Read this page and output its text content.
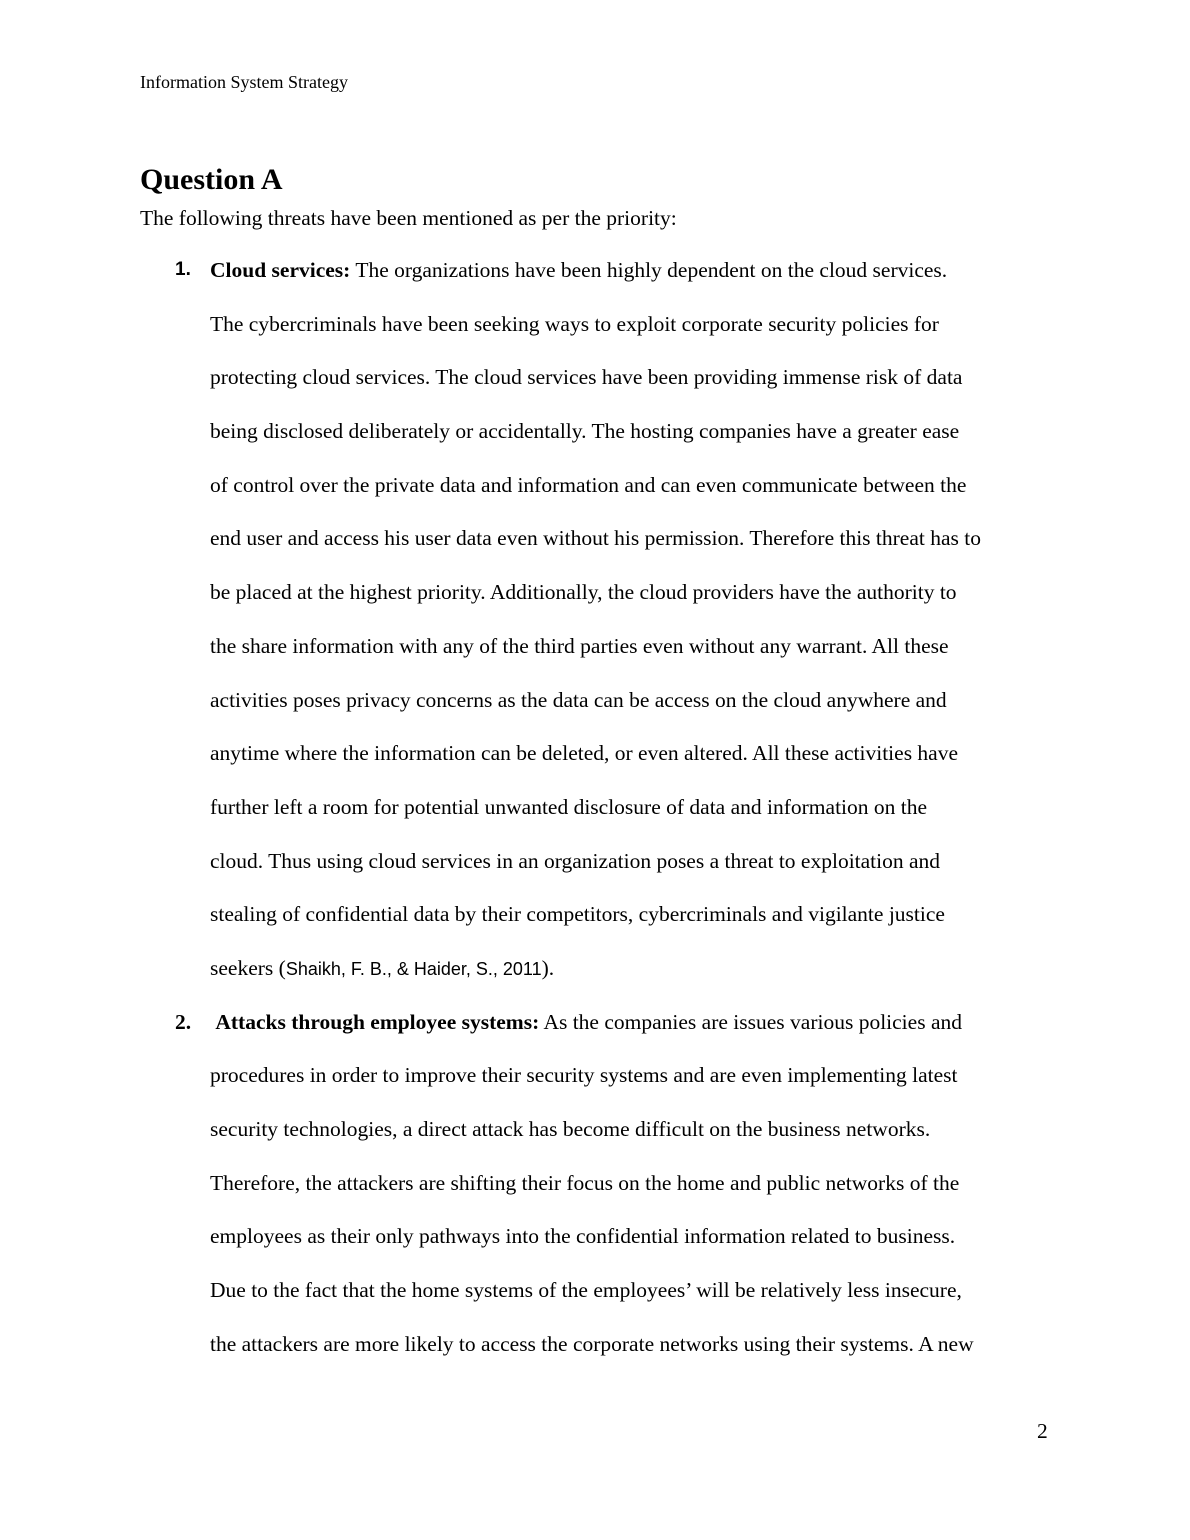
Information System Strategy
Question A

The following threats have been mentioned as per the priority:

1. Cloud services: The organizations have been highly dependent on the cloud services.
The cybercriminals have been seeking ways to exploit corporate security policies for
protecting cloud services. The cloud services have been providing immense risk of data
being disclosed deliberately or accidentally. The hosting companies have a greater ease
of control over the private data and information and can even communicate between the
end user and access his user data even without his permission. Therefore this threat has to
be placed at the highest priority. Additionally, the cloud providers have the authority to
the share information with any of the third parties even without any warrant. All these
activities poses privacy concerns as the data can be access on the cloud anywhere and
anytime where the information can be deleted, or even altered. All these activities have
further left a room for potential unwanted disclosure of data and information on the
cloud. Thus using cloud services in an organization poses a threat to exploitation and
stealing of confidential data by their competitors, cybercriminals and vigilante justice
seekers (Shaikh, F. B., & Haider, S., 2011).
2. Attacks through employee systems: As the companies are issues various policies and
procedures in order to improve their security systems and are even implementing latest
security technologies, a direct attack has become difficult on the business networks.
Therefore, the attackers are shifting their focus on the home and public networks of the
employees as their only pathways into the confidential information related to business.
Due to the fact that the home systems of the employees’ will be relatively less insecure,
the attackers are more likely to access the corporate networks using their systems. A new
2
